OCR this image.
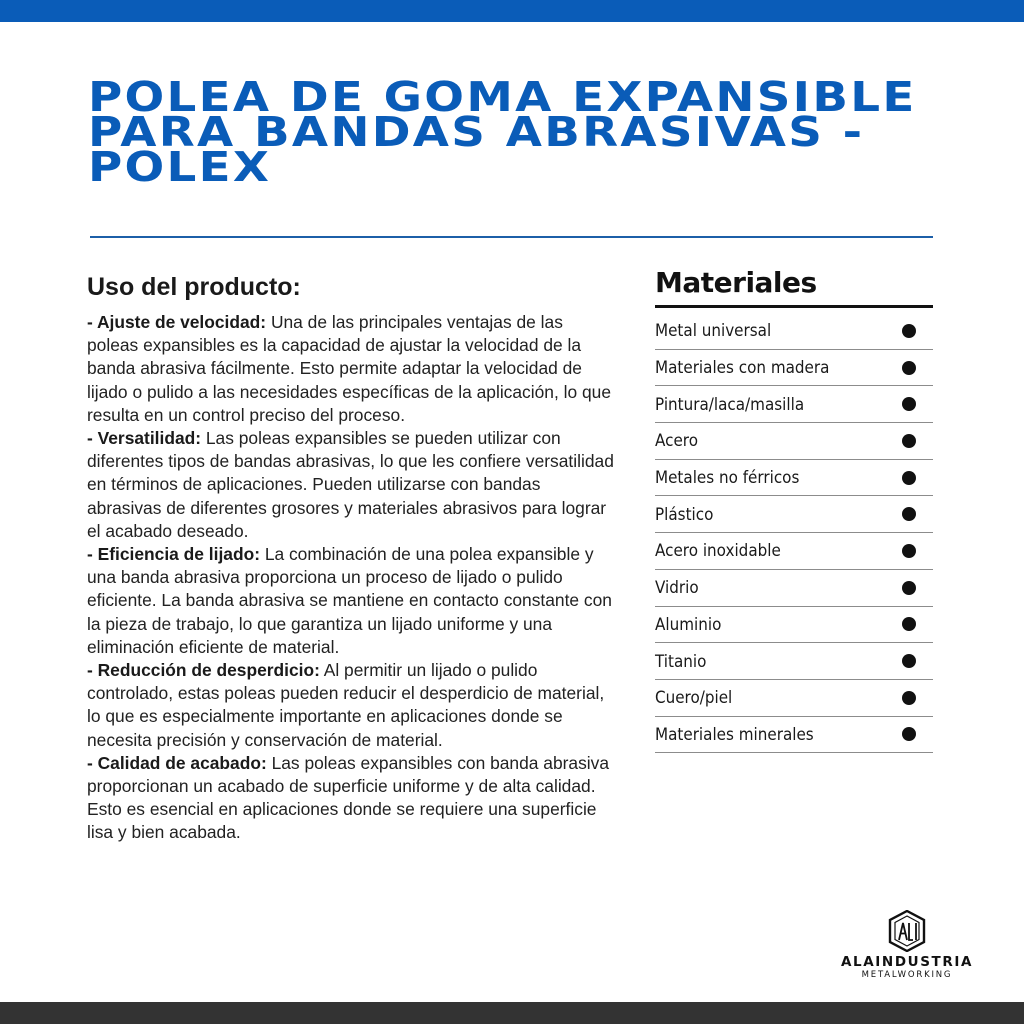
POLEA DE GOMA EXPANSIBLE
PARA BANDAS ABRASIVAS -
POLEX
Uso del producto:

- Ajuste de velocidad: Una de las principales ventajas de las poleas expansibles es la capacidad de ajustar la velocidad de la banda abrasiva fácilmente. Esto permite adaptar la velocidad de lijado o pulido a las necesidades específicas de la aplicación, lo que resulta en un control preciso del proceso.

- Versatilidad: Las poleas expansibles se pueden utilizar con diferentes tipos de bandas abrasivas, lo que les confiere versatilidad en términos de aplicaciones. Pueden utilizarse con bandas abrasivas de diferentes grosores y materiales abrasivos para lograr el acabado deseado.

- Eficiencia de lijado: La combinación de una polea expansible y una banda abrasiva proporciona un proceso de lijado o pulido eficiente. La banda abrasiva se mantiene en contacto constante con la pieza de trabajo, lo que garantiza un lijado uniforme y una eliminación eficiente de material.

- Reducción de desperdicio: Al permitir un lijado o pulido controlado, estas poleas pueden reducir el desperdicio de material, lo que es especialmente importante en aplicaciones donde se necesita precisión y conservación de material.

- Calidad de acabado: Las poleas expansibles con banda abrasiva proporcionan un acabado de superficie uniforme y de alta calidad. Esto es esencial en aplicaciones donde se requiere una superficie lisa y bien acabada.

Materiales
Metal universal
Materiales con madera
Pintura/laca/masilla
Acero
Metales no férricos
Plástico
Acero inoxidable
Vidrio
Aluminio
Titanio
Cuero/piel
Materiales minerales
ALAINDUSTRIA
METALWORKING
